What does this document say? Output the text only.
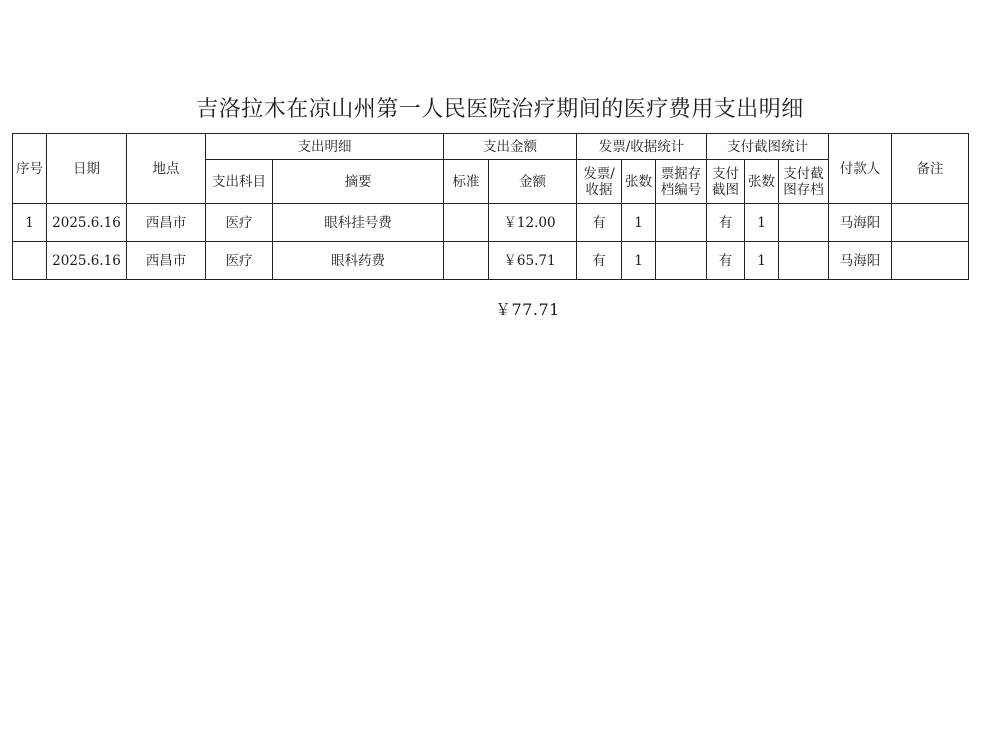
吉洛拉木在凉山州第一人民医院治疗期间的医疗费用支出明细
序号	日期	地点	支出明细		支出金额		发票/收据统计			支付截图统计			付款人	备注
			支出科目	摘要	标准	金额	发票/收据	张数	票据存档编号	支付截图	张数	支付截图存档		
1	2025.6.16	西昌市	医疗	眼科挂号费		￥12.00	有	1		有	1		马海阳	
	2025.6.16	西昌市	医疗	眼科药费		￥65.71	有	1		有	1		马海阳	
￥77.71
